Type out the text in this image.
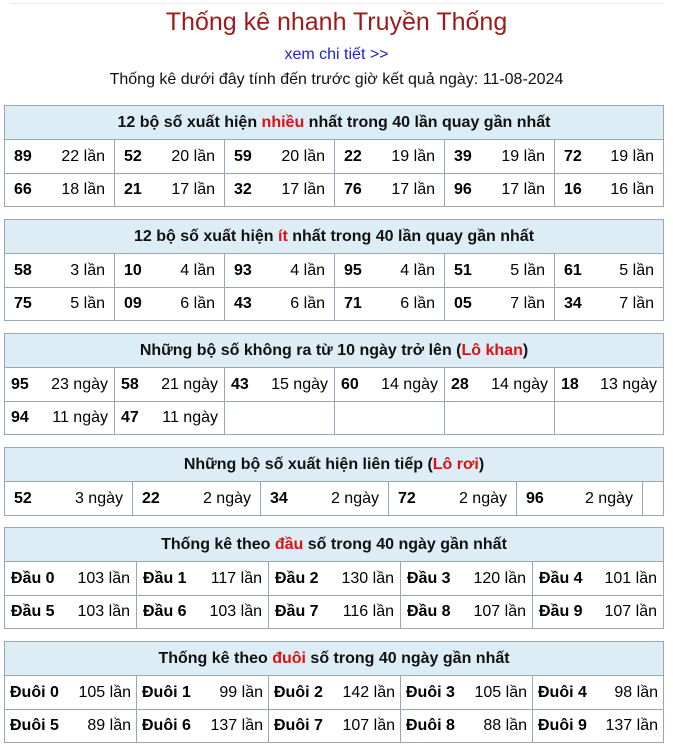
Thống kê nhanh Truyền Thống
xem chi tiết >>
Thống kê dưới đây tính đến trước giờ kết quả ngày: 11-08-2024
12 bộ số xuất hiện nhiều nhất trong 40 lần quay gần nhất
89 22 lần 52 20 lần 59 20 lần 22 19 lần 39 19 lần 72 19 lần
66 18 lần 21 17 lần 32 17 lần 76 17 lần 96 17 lần 16 16 lần
12 bộ số xuất hiện ít nhất trong 40 lần quay gần nhất
58 3 lần 10 4 lần 93 4 lần 95 4 lần 51 5 lần 61 5 lần
75 5 lần 09 6 lần 43 6 lần 71 6 lần 05 7 lần 34 7 lần
Những bộ số không ra từ 10 ngày trở lên (Lô khan)
95 23 ngày 58 21 ngày 43 15 ngày 60 14 ngày 28 14 ngày 18 13 ngày
94 11 ngày 47 11 ngày
Những bộ số xuất hiện liên tiếp (Lô rơi)
52	3 ngày 22	2 ngày 34	2 ngày 72	2 ngày 96	2 ngày
Thống kê theo đầu số trong 40 ngày gần nhất
Đầu 0 103 lần Đầu 1 117 lần Đầu 2 130 lần Đầu 3 120 lần Đầu 4 101 lần
Đầu 5 103 lần Đầu 6 103 lần Đầu 7 116 lần Đầu 8 107 lần Đầu 9 107 lần
Thống kê theo đuôi số trong 40 ngày gần nhất
Đuôi 0 105 lần Đuôi 1 99 lần Đuôi 2 142 lần Đuôi 3 105 lần Đuôi 4 98 lần
Đuôi 5 89 lần Đuôi 6 137 lần Đuôi 7 107 lần Đuôi 8 88 lần Đuôi 9 137 lần
